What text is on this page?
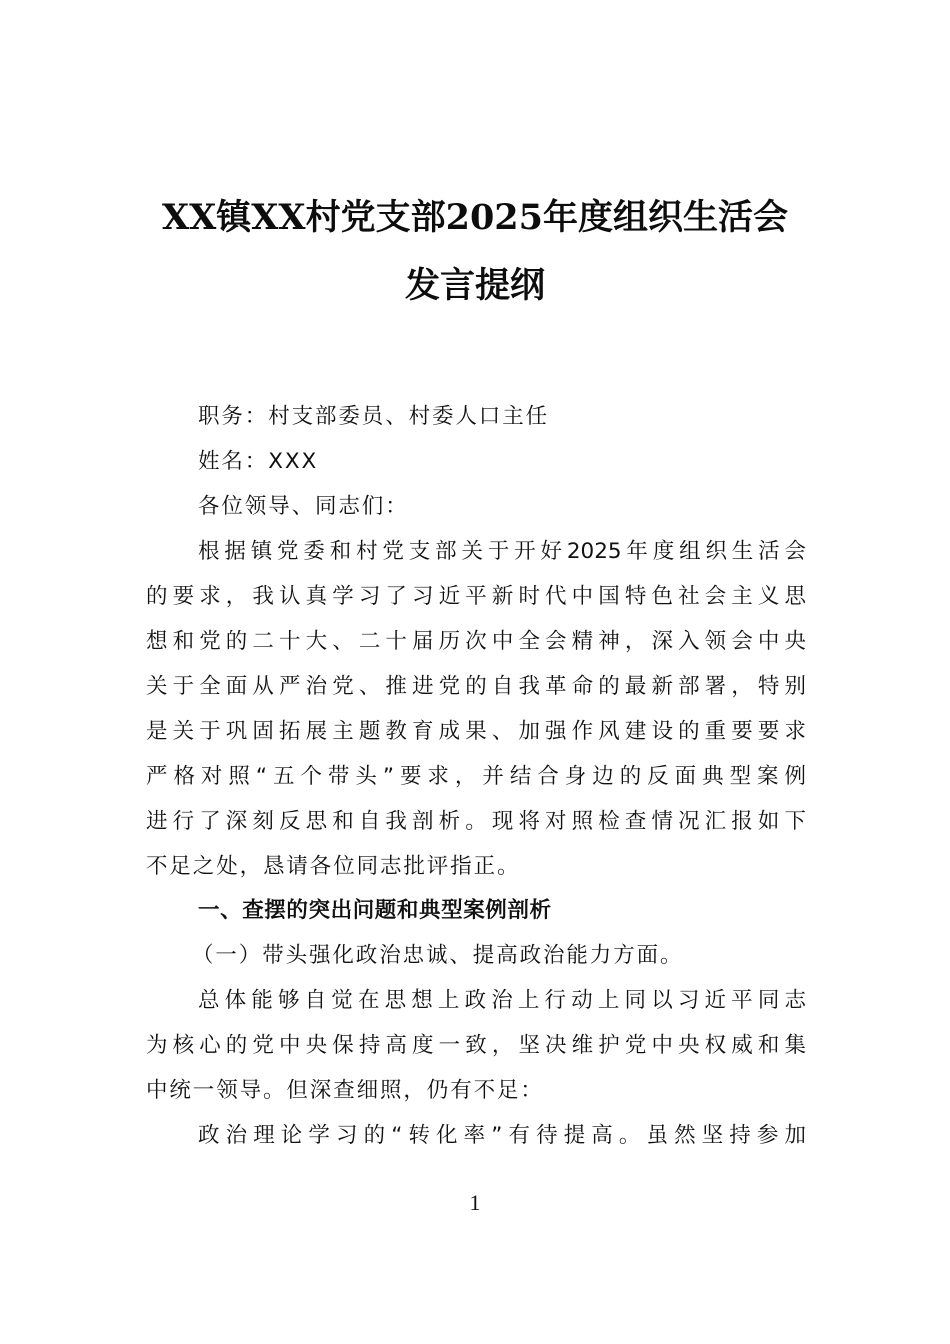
XX镇XX村党支部2025年度组织生活会
发言提纲
职务：村支部委员、村委人口主任
姓名：XXX
各位领导、同志们：
根据镇党委和村党支部关于开好2025年度组织生活会
的要求，我认真学习了习近平新时代中国特色社会主义思
想和党的二十大、二十届历次中全会精神，深入领会中央
关于全面从严治党、推进党的自我革命的最新部署，特别
是关于巩固拓展主题教育成果、加强作风建设的重要要求
严格对照“五个带头”要求，并结合身边的反面典型案例
进行了深刻反思和自我剖析。现将对照检查情况汇报如下
不足之处，恳请各位同志批评指正。
一、查摆的突出问题和典型案例剖析
（一）带头强化政治忠诚、提高政治能力方面。
总体能够自觉在思想上政治上行动上同以习近平同志
为核心的党中央保持高度一致，坚决维护党中央权威和集
中统一领导。但深查细照，仍有不足：
政治理论学习的“转化率”有待提高。虽然坚持参加
1
